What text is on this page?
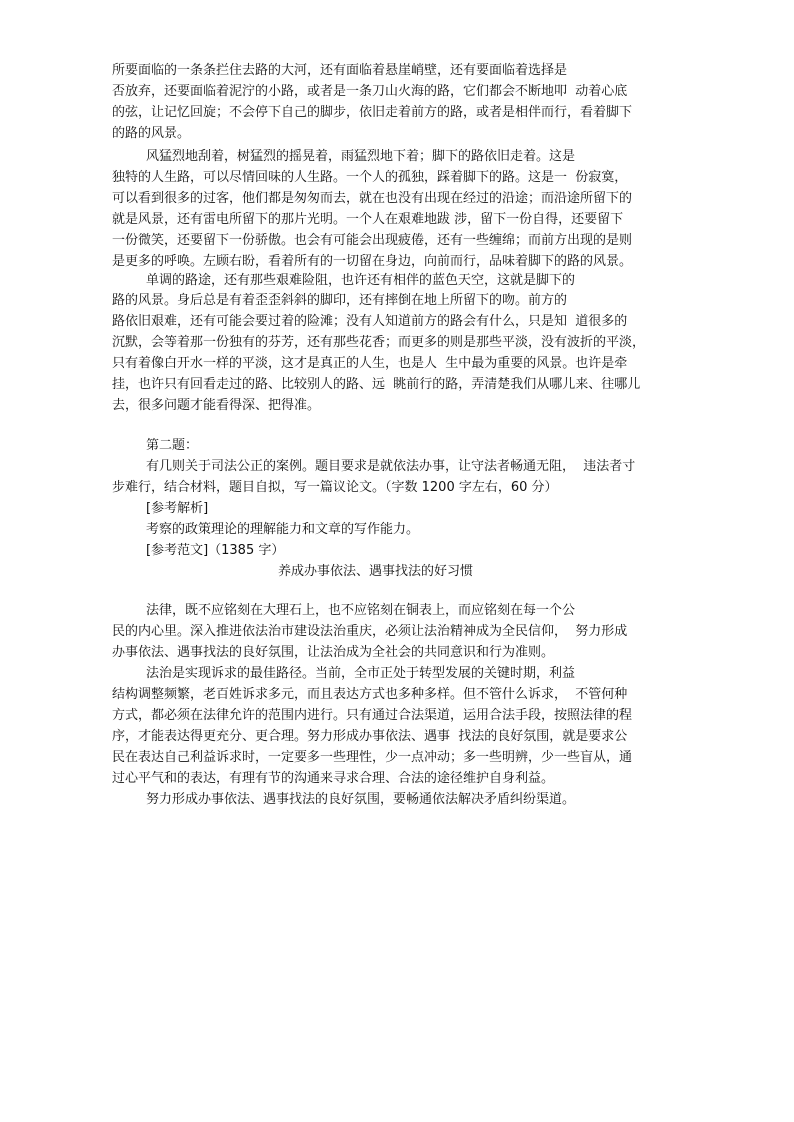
所要面临的一条条拦住去路的大河，还有面临着悬崖峭壁，还有要面临着选择是
否放弃，还要面临着泥泞的小路，或者是一条刀山火海的路，它们都会不断地叩  动着心底
的弦，让记忆回旋；不会停下自己的脚步，依旧走着前方的路，或者是相伴而行，看着脚下
的路的风景。
风猛烈地刮着，树猛烈的摇晃着，雨猛烈地下着；脚下的路依旧走着。这是
独特的人生路，可以尽情回味的人生路。一个人的孤独，踩着脚下的路。这是一  份寂寞，
可以看到很多的过客，他们都是匆匆而去，就在也没有出现在经过的沿途；而沿途所留下的
就是风景，还有雷电所留下的那片光明。一个人在艰难地跋 涉，留下一份自得，还要留下
一份微笑，还要留下一份骄傲。也会有可能会出现疲倦，还有一些缠绵；而前方出现的是则
是更多的呼唤。左顾右盼，看着所有的一切留在身边，向前而行，品味着脚下的路的风景。
单调的路途，还有那些艰难险阻，也许还有相伴的蓝色天空，这就是脚下的
路的风景。身后总是有着歪歪斜斜的脚印，还有摔倒在地上所留下的吻。前方的
路依旧艰难，还有可能会要过着的险滩；没有人知道前方的路会有什么，只是知  道很多的
沉默，会等着那一份独有的芬芳，还有那些花香；而更多的则是那些平淡，没有波折的平淡，
只有着像白开水一样的平淡，这才是真正的人生，也是人  生中最为重要的风景。也许是牵
挂，也许只有回看走过的路、比较别人的路、远  眺前行的路，弄清楚我们从哪儿来、往哪儿
去，很多问题才能看得深、把得准。
第二题：
有几则关于司法公正的案例。题目要求是就依法办事，让守法者畅通无阻，  违法者寸
步难行，结合材料，题目自拟，写一篇议论文。（字数 1200 字左右，60 分）
[参考解析]
考察的政策理论的理解能力和文章的写作能力。
[参考范文]（1385 字）
养成办事依法、遇事找法的好习惯
法律，既不应铭刻在大理石上，也不应铭刻在铜表上，而应铭刻在每一个公
民的内心里。深入推进依法治市建设法治重庆，必须让法治精神成为全民信仰，  努力形成
办事依法、遇事找法的良好氛围，让法治成为全社会的共同意识和行为准则。
法治是实现诉求的最佳路径。当前，全市正处于转型发展的关键时期，利益
结构调整频繁，老百姓诉求多元，而且表达方式也多种多样。但不管什么诉求，  不管何种
方式，都必须在法律允许的范围内进行。只有通过合法渠道，运用合法手段，按照法律的程
序，才能表达得更充分、更合理。努力形成办事依法、遇事  找法的良好氛围，就是要求公
民在表达自己利益诉求时，一定要多一些理性，少一点冲动；多一些明辨，少一些盲从，通
过心平气和的表达，有理有节的沟通来寻求合理、合法的途径维护自身利益。
努力形成办事依法、遇事找法的良好氛围，要畅通依法解决矛盾纠纷渠道。
